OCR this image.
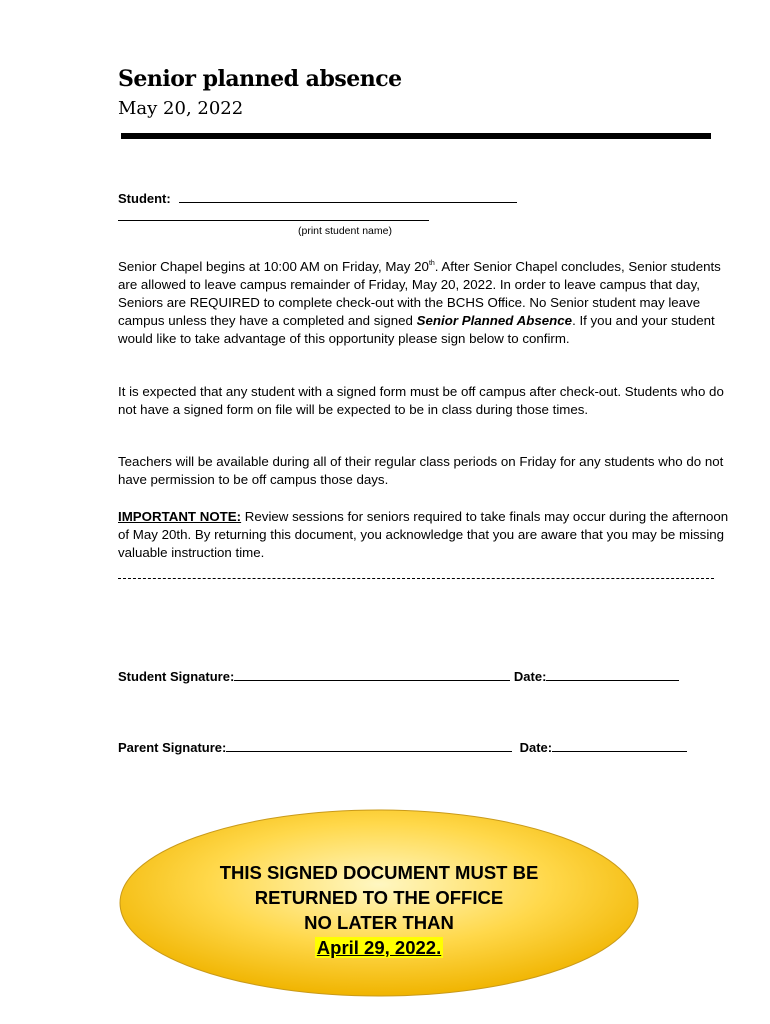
Senior planned absence
May 20, 2022
Student:
(print student name)
Senior Chapel begins at 10:00 AM on Friday, May 20th. After Senior Chapel concludes, Senior students are allowed to leave campus remainder of Friday, May 20, 2022. In order to leave campus that day, Seniors are REQUIRED to complete check-out with the BCHS Office. No Senior student may leave campus unless they have a completed and signed Senior Planned Absence. If you and your student would like to take advantage of this opportunity please sign below to confirm.
It is expected that any student with a signed form must be off campus after check-out. Students who do not have a signed form on file will be expected to be in class during those times.
Teachers will be available during all of their regular class periods on Friday for any students who do not have permission to be off campus those days.
IMPORTANT NOTE: Review sessions for seniors required to take finals may occur during the afternoon of May 20th. By returning this document, you acknowledge that you are aware that you may be missing valuable instruction time.
Student Signature:	Date:
Parent Signature:	Date:
THIS SIGNED DOCUMENT MUST BE
RETURNED TO THE OFFICE
NO LATER THAN
April 29, 2022.
